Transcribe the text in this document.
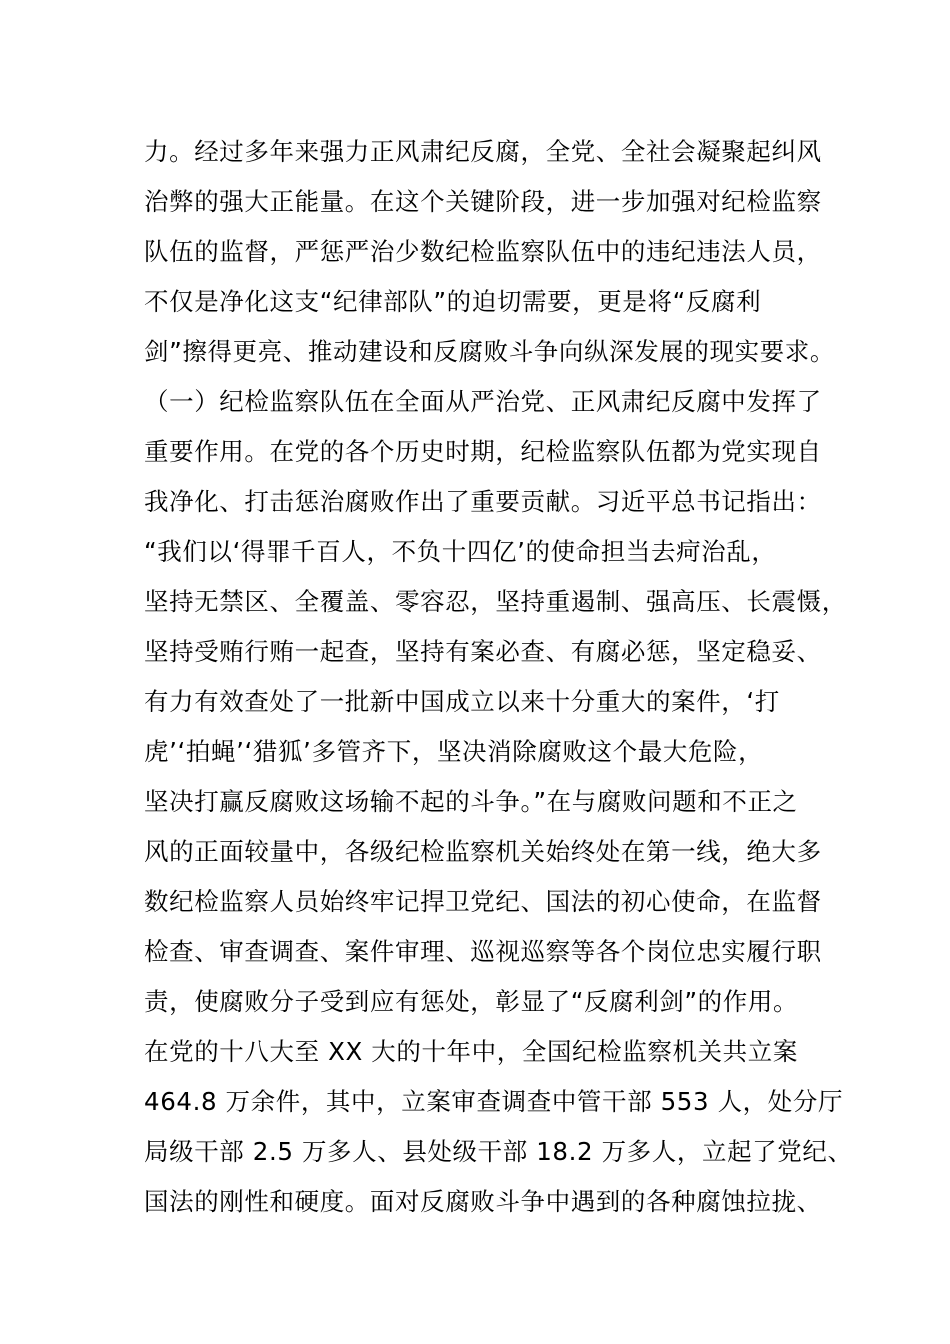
力。经过多年来强力正风肃纪反腐，全党、全社会凝聚起纠风
治弊的强大正能量。在这个关键阶段，进一步加强对纪检监察
队伍的监督，严惩严治少数纪检监察队伍中的违纪违法人员，
不仅是净化这支“纪律部队”的迫切需要，更是将“反腐利
剑”擦得更亮、推动建设和反腐败斗争向纵深发展的现实要求。
（一）纪检监察队伍在全面从严治党、正风肃纪反腐中发挥了
重要作用。在党的各个历史时期，纪检监察队伍都为党实现自
我净化、打击惩治腐败作出了重要贡献。习近平总书记指出：
“我们以‘得罪千百人，不负十四亿’的使命担当去疴治乱，
坚持无禁区、全覆盖、零容忍，坚持重遏制、强高压、长震慑，
坚持受贿行贿一起查，坚持有案必查、有腐必惩，坚定稳妥、
有力有效查处了一批新中国成立以来十分重大的案件，‘打
虎’‘拍蝇’‘猎狐’多管齐下，坚决消除腐败这个最大危险，
坚决打赢反腐败这场输不起的斗争。”在与腐败问题和不正之
风的正面较量中，各级纪检监察机关始终处在第一线，绝大多
数纪检监察人员始终牢记捍卫党纪、国法的初心使命，在监督
检查、审查调查、案件审理、巡视巡察等各个岗位忠实履行职
责，使腐败分子受到应有惩处，彰显了“反腐利剑”的作用。
在党的十八大至 XX 大的十年中，全国纪检监察机关共立案
464.8 万余件，其中，立案审查调查中管干部 553 人，处分厅
局级干部 2.5 万多人、县处级干部 18.2 万多人，立起了党纪、
国法的刚性和硬度。面对反腐败斗争中遇到的各种腐蚀拉拢、
